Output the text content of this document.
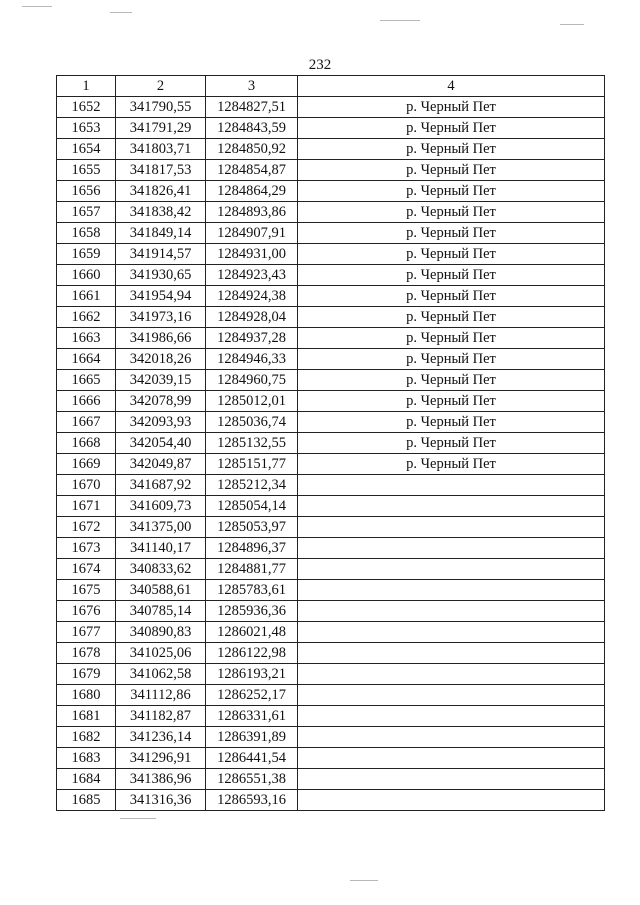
232
1	2	3	4
1652	341790,55	1284827,51	р. Черный Пет
1653	341791,29	1284843,59	р. Черный Пет
1654	341803,71	1284850,92	р. Черный Пет
1655	341817,53	1284854,87	р. Черный Пет
1656	341826,41	1284864,29	р. Черный Пет
1657	341838,42	1284893,86	р. Черный Пет
1658	341849,14	1284907,91	р. Черный Пет
1659	341914,57	1284931,00	р. Черный Пет
1660	341930,65	1284923,43	р. Черный Пет
1661	341954,94	1284924,38	р. Черный Пет
1662	341973,16	1284928,04	р. Черный Пет
1663	341986,66	1284937,28	р. Черный Пет
1664	342018,26	1284946,33	р. Черный Пет
1665	342039,15	1284960,75	р. Черный Пет
1666	342078,99	1285012,01	р. Черный Пет
1667	342093,93	1285036,74	р. Черный Пет
1668	342054,40	1285132,55	р. Черный Пет
1669	342049,87	1285151,77	р. Черный Пет
1670	341687,92	1285212,34	
1671	341609,73	1285054,14	
1672	341375,00	1285053,97	
1673	341140,17	1284896,37	
1674	340833,62	1284881,77	
1675	340588,61	1285783,61	
1676	340785,14	1285936,36	
1677	340890,83	1286021,48	
1678	341025,06	1286122,98	
1679	341062,58	1286193,21	
1680	341112,86	1286252,17	
1681	341182,87	1286331,61	
1682	341236,14	1286391,89	
1683	341296,91	1286441,54	
1684	341386,96	1286551,38	
1685	341316,36	1286593,16	
